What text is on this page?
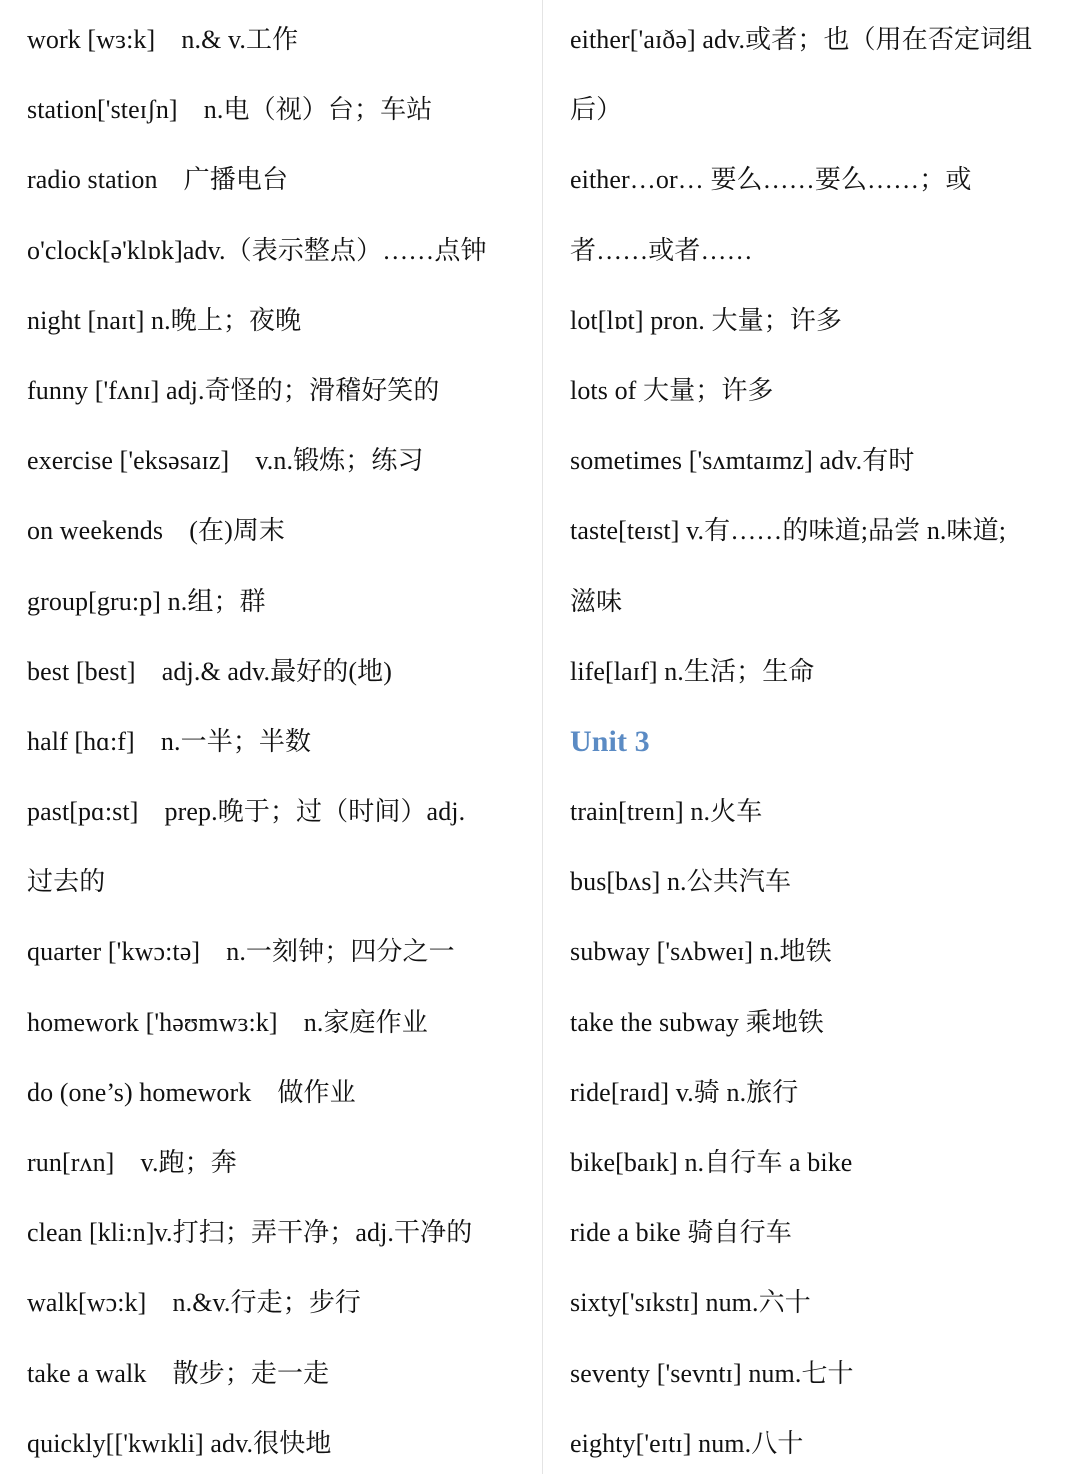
work [wɜ:k]　n.& v.工作
station['steɪʃn]　n.电（视）台；车站
radio station　广播电台
o'clock[ə'klɒk]adv.（表示整点）……点钟
night [naɪt] n.晚上；夜晚
funny ['fʌnɪ] adj.奇怪的；滑稽好笑的
exercise ['eksəsaɪz]　v.n.锻炼；练习
on weekends　(在)周末
group[gru:p] n.组；群
best [best]　adj.& adv.最好的(地)
half [hɑ:f]　n.一半；半数
past[pɑ:st]　prep.晚于；过（时间）adj.
过去的
quarter ['kwɔ:tə]　n.一刻钟；四分之一
homework ['həʊmwɜ:k]　n.家庭作业
do (one’s) homework　做作业
run[rʌn]　v.跑；奔
clean [kli:n]v.打扫；弄干净；adj.干净的
walk[wɔ:k]　n.&v.行走；步行
take a walk　散步；走一走
quickly[['kwɪkli] adv.很快地
either['aɪðə] adv.或者；也（用在否定词组
后）
either…or… 要么……要么……；或
者……或者……
lot[lɒt] pron. 大量；许多
lots of 大量；许多
sometimes ['sʌmtaɪmz] adv.有时
taste[teɪst] v.有……的味道;品尝 n.味道;
滋味
life[laɪf] n.生活；生命
Unit 3
train[treɪn] n.火车
bus[bʌs] n.公共汽车
subway ['sʌbweɪ] n.地铁
take the subway 乘地铁
ride[raɪd] v.骑 n.旅行
bike[baɪk] n.自行车 a bike
ride a bike 骑自行车
sixty['sɪkstɪ] num.六十
seventy ['sevntɪ] num.七十
eighty['eɪtɪ] num.八十
